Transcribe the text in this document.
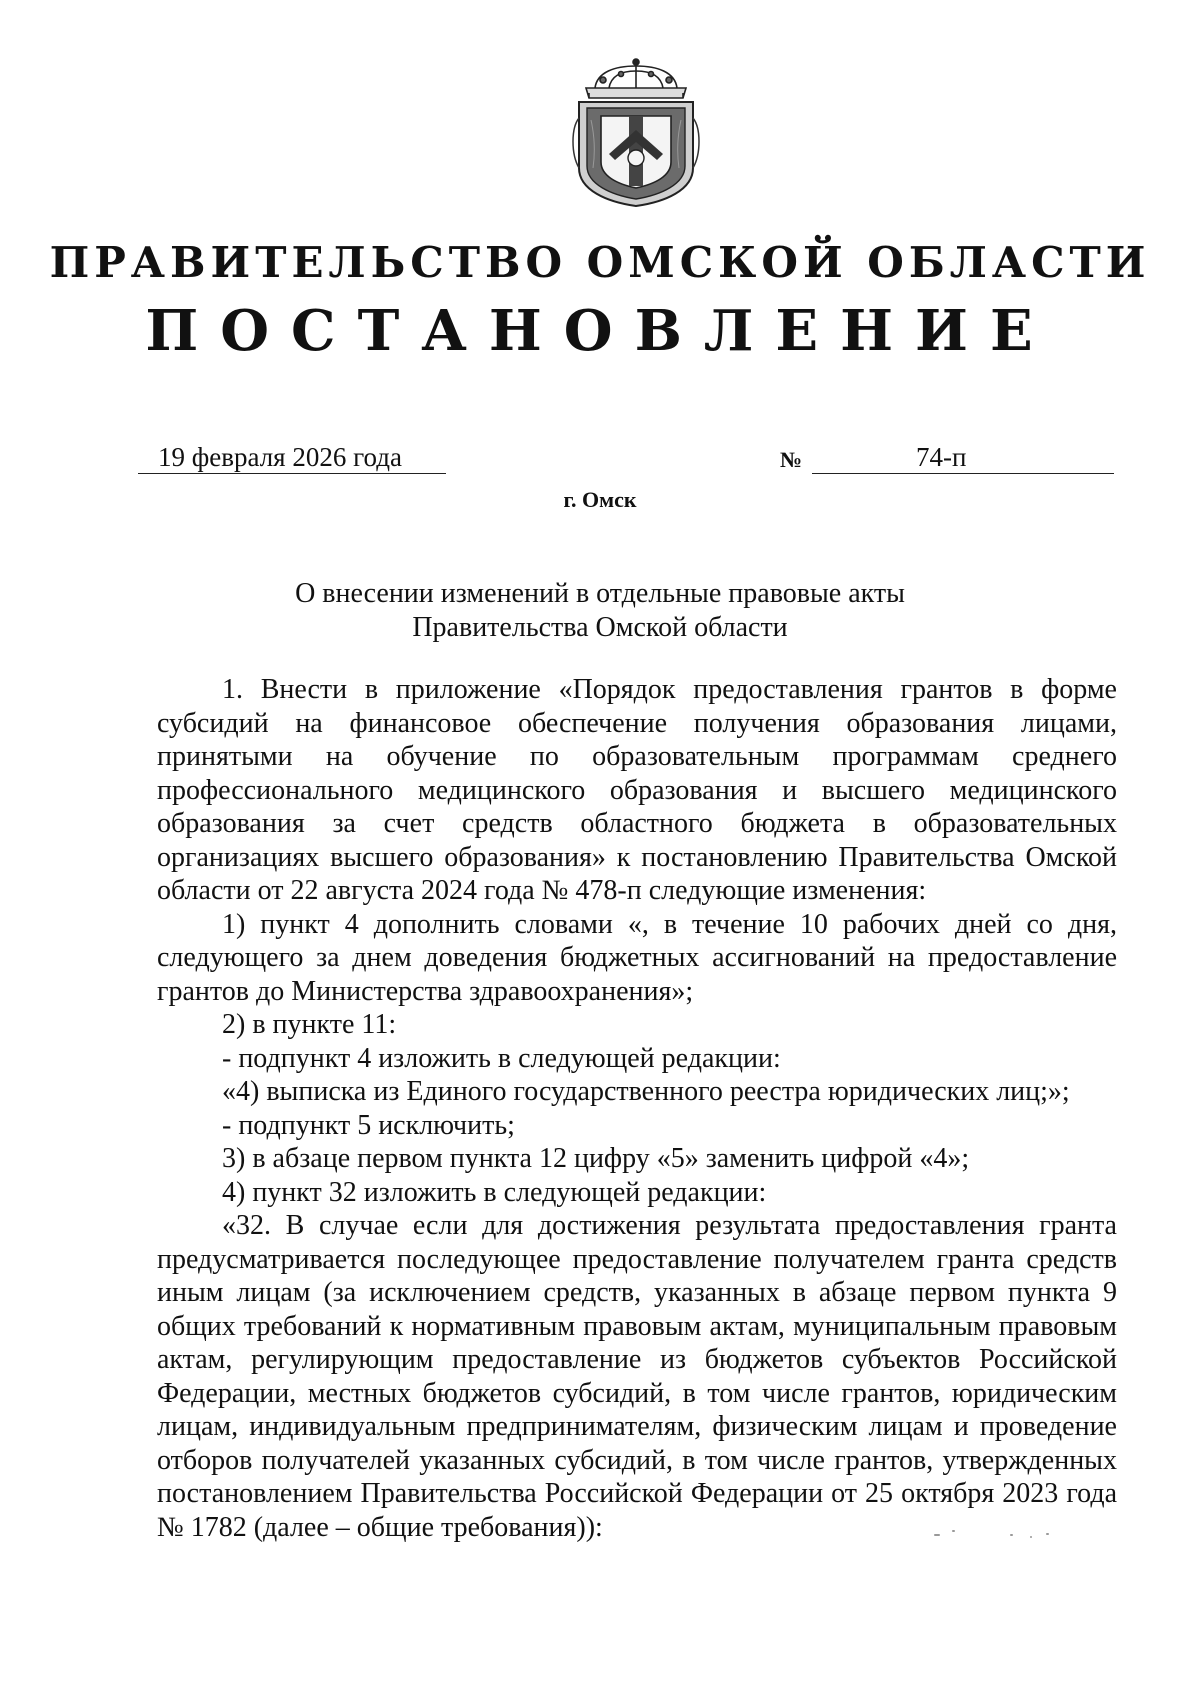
ПРАВИТЕЛЬСТВО ОМСКОЙ ОБЛАСТИ
ПОСТАНОВЛЕНИЕ
19 февраля 2026 года	№	74-п
г. Омск
О внесении изменений в отдельные правовые акты
Правительства Омской области

1. Внести в приложение «Порядок предоставления грантов в форме субсидий на финансовое обеспечение получения образования лицами, принятыми на обучение по образовательным программам среднего профессионального медицинского образования и высшего медицинского образования за счет средств областного бюджета в образовательных организациях высшего образования» к постановлению Правительства Омской области от 22 августа 2024 года № 478-п следующие изменения:

1) пункт 4 дополнить словами «, в течение 10 рабочих дней со дня, следующего за днем доведения бюджетных ассигнований на предоставление грантов до Министерства здравоохранения»;

2) в пункте 11:

- подпункт 4 изложить в следующей редакции:

«4) выписка из Единого государственного реестра юридических лиц;»;

- подпункт 5 исключить;

3) в абзаце первом пункта 12 цифру «5» заменить цифрой «4»;

4) пункт 32 изложить в следующей редакции:

«32. В случае если для достижения результата предоставления гранта предусматривается последующее предоставление получателем гранта средств иным лицам (за исключением средств, указанных в абзаце первом пункта 9 общих требований к нормативным правовым актам, муниципальным правовым актам, регулирующим предоставление из бюджетов субъектов Российской Федерации, местных бюджетов субсидий, в том числе грантов, юридическим лицам, индивидуальным предпринимателям, физическим лицам и проведение отборов получателей указанных субсидий, в том числе грантов, утвержденных постановлением Правительства Российской Федерации от 25 октября 2023 года № 1782 (далее – общие требования)):
